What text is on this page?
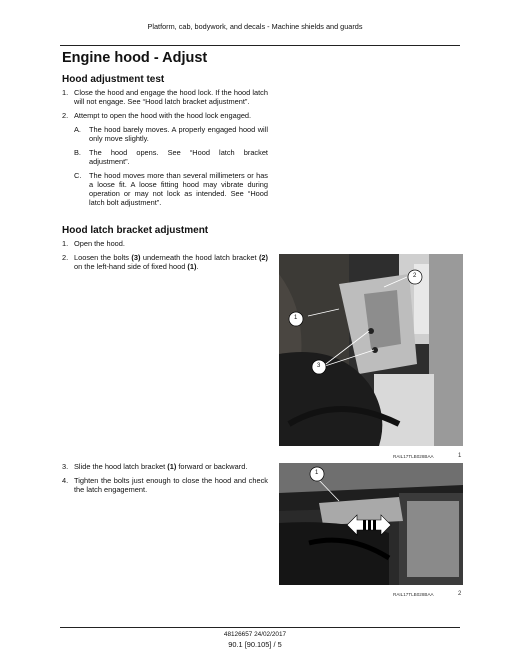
Platform, cab, bodywork, and decals - Machine shields and guards
Engine hood - Adjust
Hood adjustment test
1. Close the hood and engage the hood lock. If the hood latch will not engage. See “Hood latch bracket adjustment”.
2. Attempt to open the hood with the hood lock engaged.
A.	The hood barely moves. A properly engaged hood will only move slightly.
B.	The hood opens. See “Hood latch bracket adjustment”.
C.	The hood moves more than several millimeters or has a loose fit. A loose fitting hood may vibrate during operation or may not lock as intended. See “Hood latch bolt adjustment”.
Hood latch bracket adjustment
1. Open the hood.
2. Loosen the bolts (3) underneath the hood latch bracket (2) on the left-hand side of fixed hood (1).
3. Slide the hood latch bracket (1) forward or backward.
4. Tighten the bolts just enough to close the hood and check the latch engagement.
1
2
3
RAIL17TLB028BAA	1
1
RAIL17TLB028BAA	2
48126657 24/02/2017
90.1 [90.105] / 5
